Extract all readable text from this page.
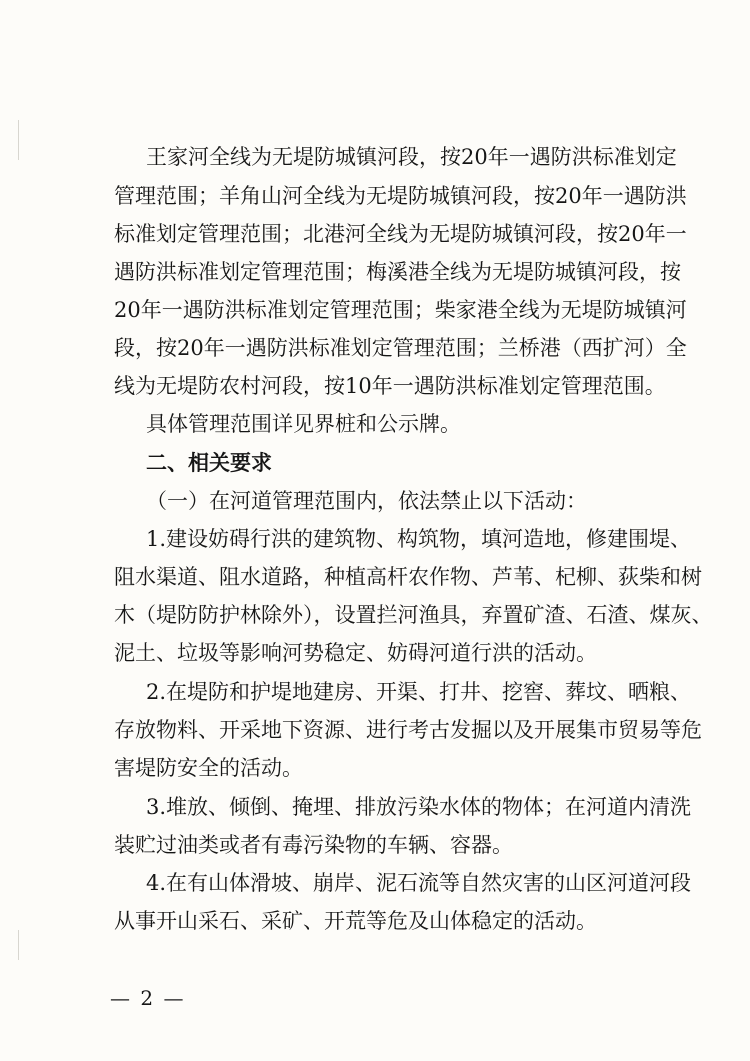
王家河全线为无堤防城镇河段，按20年一遇防洪标准划定
管理范围；羊角山河全线为无堤防城镇河段，按20年一遇防洪
标准划定管理范围；北港河全线为无堤防城镇河段，按20年一
遇防洪标准划定管理范围；梅溪港全线为无堤防城镇河段，按
20年一遇防洪标准划定管理范围；柴家港全线为无堤防城镇河
段，按20年一遇防洪标准划定管理范围；兰桥港（西扩河）全
线为无堤防农村河段，按10年一遇防洪标准划定管理范围。
具体管理范围详见界桩和公示牌。
二、相关要求
（一）在河道管理范围内，依法禁止以下活动：
1.建设妨碍行洪的建筑物、构筑物，填河造地，修建围堤、
阻水渠道、阻水道路，种植高杆农作物、芦苇、杞柳、荻柴和树
木（堤防防护林除外），设置拦河渔具，弃置矿渣、石渣、煤灰、
泥土、垃圾等影响河势稳定、妨碍河道行洪的活动。
2.在堤防和护堤地建房、开渠、打井、挖窖、葬坟、晒粮、
存放物料、开采地下资源、进行考古发掘以及开展集市贸易等危
害堤防安全的活动。
3.堆放、倾倒、掩埋、排放污染水体的物体；在河道内清洗
装贮过油类或者有毒污染物的车辆、容器。
4.在有山体滑坡、崩岸、泥石流等自然灾害的山区河道河段
从事开山采石、采矿、开荒等危及山体稳定的活动。
— 2 —
